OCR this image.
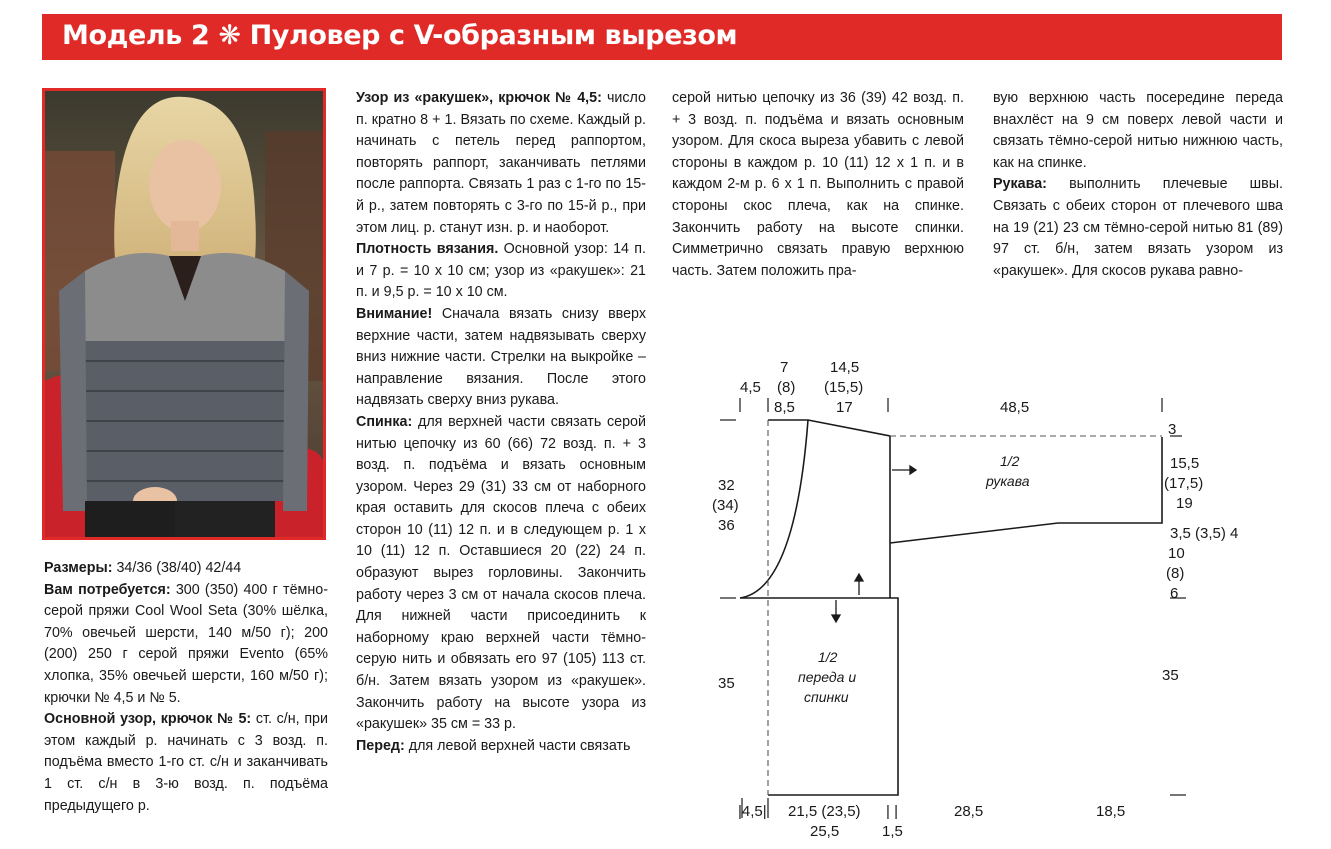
Модель 2 ❋ Пуловер с V-образным вырезом

Размеры: 34/36 (38/40) 42/44

Вам потребуется: 300 (350) 400 г тёмно-серой пряжи Cool Wool Seta (30% шёлка, 70% овечьей шерсти, 140 м/50 г); 200 (200) 250 г серой пряжи Evento (65% хлопка, 35% овечьей шерсти, 160 м/50 г); крючки № 4,5 и № 5.

Основной узор, крючок № 5: ст. с/н, при этом каждый р. начинать с 3 возд. п. подъёма вместо 1-го ст. с/н и заканчивать 1 ст. с/н в 3-ю возд. п. подъёма предыдущего р.

Узор из «ракушек», крючок № 4,5: число п. кратно 8 + 1. Вязать по схеме. Каждый р. начинать с петель перед раппортом, повторять раппорт, заканчивать петлями после раппорта. Связать 1 раз с 1-го по 15-й р., затем повторять с 3-го по 15-й р., при этом лиц. р. станут изн. р. и наоборот.

Плотность вязания. Основной узор: 14 п. и 7 р. = 10 х 10 см; узор из «ракушек»: 21 п. и 9,5 р. = 10 х 10 см.

Внимание! Сначала вязать снизу вверх верхние части, затем надвязывать сверху вниз нижние части. Стрелки на выкройке – направление вязания. После этого надвязать сверху вниз рукава.

Спинка: для верхней части связать серой нитью цепочку из 60 (66) 72 возд. п. + 3 возд. п. подъёма и вязать основным узором. Через 29 (31) 33 см от наборного края оставить для скосов плеча с обеих сторон 10 (11) 12 п. и в следующем р. 1 х 10 (11) 12 п. Оставшиеся 20 (22) 24 п. образуют вырез горловины. Закончить работу через 3 см от начала скосов плеча. Для нижней части присоединить к наборному краю верхней части тёмно-серую нить и обвязать его 97 (105) 113 ст. б/н. Затем вязать узором из «ракушек». Закончить работу на высоте узора из «ракушек» 35 см = 33 р.

Перед: для левой верхней части связать

серой нитью цепочку из 36 (39) 42 возд. п. + 3 возд. п. подъёма и вязать основным узором. Для скоса выреза убавить с левой стороны в каждом р. 10 (11) 12 х 1 п. и в каждом 2-м р. 6 х 1 п. Выполнить с правой стороны скос плеча, как на спинке. Закончить работу на высоте спинки. Симметрично связать правую верхнюю часть. Затем положить пра-

вую верхнюю часть посередине переда внахлёст на 9 см поверх левой части и связать тёмно-серой нитью нижнюю часть, как на спинке.

Рукава: выполнить плечевые швы. Связать с обеих сторон от плечевого шва на 19 (21) 23 см тёмно-серой нитью 81 (89) 97 ст. б/н, затем вязать узором из «ракушек». Для скосов рукава равно-

4,5
7
(8)
8,5
14,5
(15,5)
17	48,5
3
15,5
(17,5)
19
3,5 (3,5) 4
10
(8)
6
35
32
(34)
36
35
|4,5| 21,5 (23,5)
25,5
| |
1,5
28,5	18,5
1/2
рукава
1/2
переда и
спинки
